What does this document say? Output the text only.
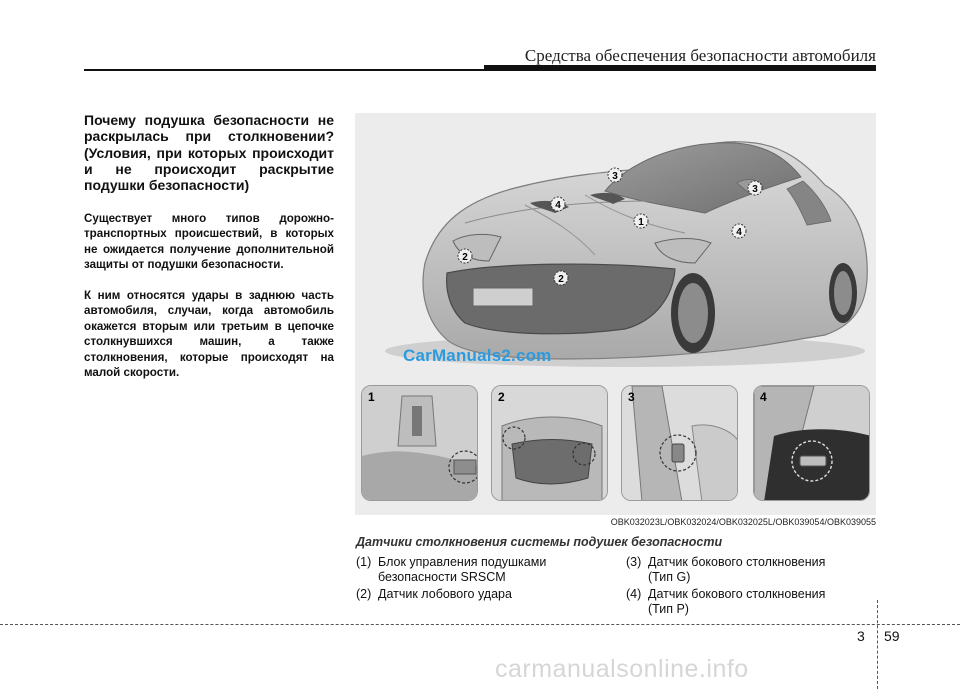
Средства обеспечения безопасности автомобиля

Почему подушка безопасности не раскрылась при столкновении? (Условия, при которых происходит и не происходит раскрытие подушки безопасности)

Существует много типов дорожно-транспортных происшествий, в которых не ожидается получение дополнительной защиты от подушки безопасности.

К ним относятся удары в заднюю часть автомобиля, случаи, когда автомобиль окажется вторым или третьим в цепочке столкнувшихся машин, а также столкновения, которые происходят на малой скорости.

1
2
2
3
3
4
4
CarManuals2.com
1	2	3	4
OBK032023L/OBK032024/OBK032025L/OBK039054/OBK039055
Датчики столкновения системы подушек безопасности
(1) Блок управления подушками
безопасности SRSCM
(2) Датчик лобового удара
(3) Датчик бокового столкновения
(Тип G)
(4) Датчик бокового столкновения
(Тип P)
3 59
carmanualsonline.info
